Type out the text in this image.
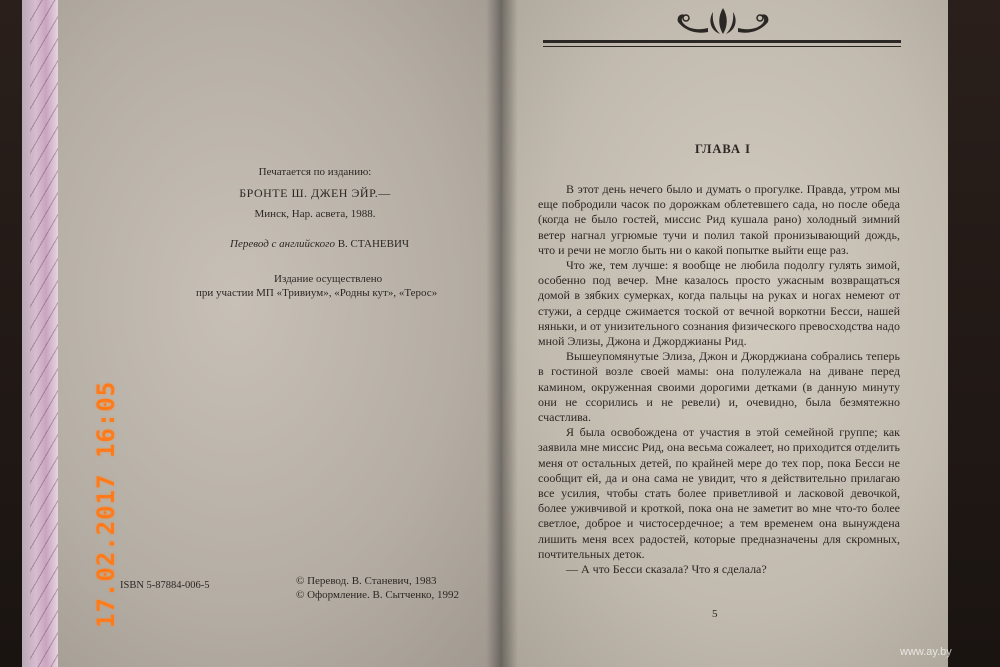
Печатается по изданию:
БРОНТЕ Ш. ДЖЕН ЭЙР.—
Минск, Нар. асвета, 1988.
Перевод с английского В. СТАНЕВИЧ
Издание осуществлено
при участии МП «Тривиум», «Родны кут», «Терос»
ISBN 5-87884-006-5	© Перевод. В. Станевич, 1983
© Оформление. В. Сытченко, 1992
ГЛАВА I

В этот день нечего было и думать о прогулке. Правда, утром мы еще побродили часок по дорожкам облетевшего сада, но после обеда (когда не было гостей, миссис Рид кушала рано) холодный зимний ветер нагнал угрюмые тучи и полил такой пронизывающий дождь, что и речи не могло быть ни о какой попытке выйти еще раз.

Что же, тем лучше: я вообще не любила подолгу гулять зимой, особенно под вечер. Мне казалось просто ужасным возвращаться домой в зябких сумерках, когда пальцы на руках и ногах немеют от стужи, а сердце сжимается тоской от вечной воркотни Бесси, нашей няньки, и от унизительного сознания физического превосходства надо мной Элизы, Джона и Джорджианы Рид.

Вышеупомянутые Элиза, Джон и Джорджиана собрались теперь в гостиной возле своей мамы: она полулежала на диване перед камином, окруженная своими дорогими детками (в данную минуту они не ссорились и не ревели) и, очевидно, была безмятежно счастлива.

Я была освобождена от участия в этой семейной группе; как заявила мне миссис Рид, она весьма сожалеет, но приходится отделить меня от остальных детей, по крайней мере до тех пор, пока Бесси не сообщит ей, да и она сама не увидит, что я действительно прилагаю все усилия, чтобы стать более приветливой и ласковой девочкой, более уживчивой и кроткой, пока она не заметит во мне что-то более светлое, доброе и чистосердечное; а тем временем она вынуждена лишить меня всех радостей, которые предназначены для скромных, почтительных деток.

— А что Бесси сказала? Что я сделала?

5
17.02.2017 16:05
www.ay.by
